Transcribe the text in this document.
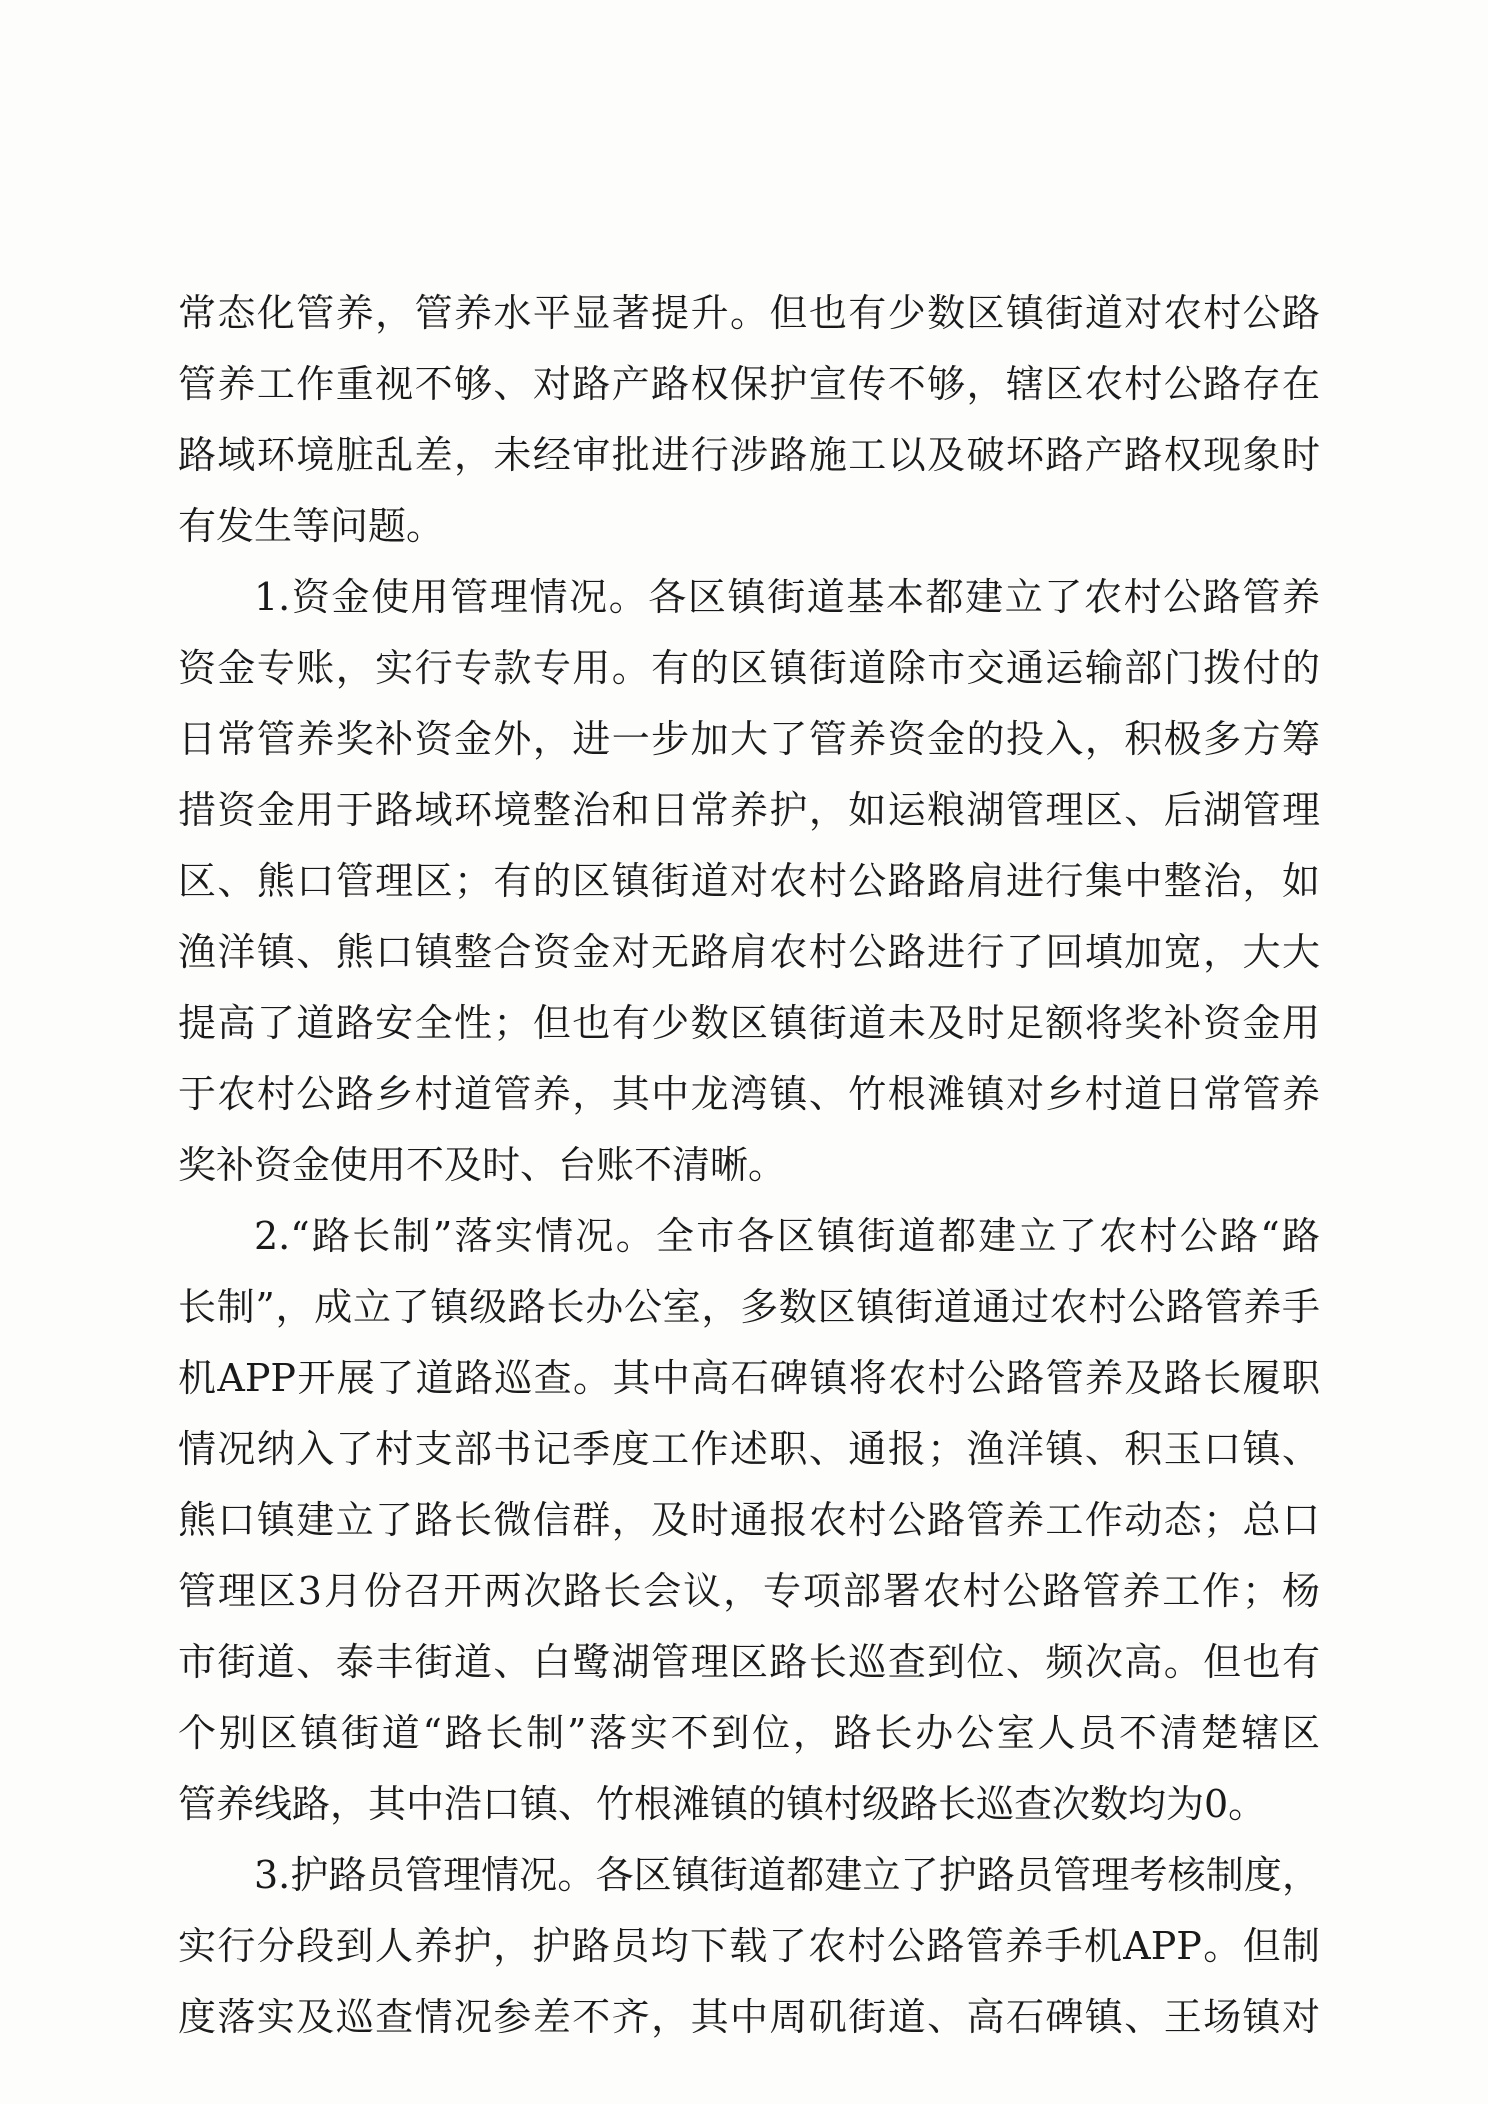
常态化管养，管养水平显著提升。但也有少数区镇街道对农村公路
管养工作重视不够、对路产路权保护宣传不够，辖区农村公路存在
路域环境脏乱差，未经审批进行涉路施工以及破坏路产路权现象时
有发生等问题。
1.资金使用管理情况。各区镇街道基本都建立了农村公路管养
资金专账，实行专款专用。有的区镇街道除市交通运输部门拨付的
日常管养奖补资金外，进一步加大了管养资金的投入，积极多方筹
措资金用于路域环境整治和日常养护，如运粮湖管理区、后湖管理
区、熊口管理区；有的区镇街道对农村公路路肩进行集中整治，如
渔洋镇、熊口镇整合资金对无路肩农村公路进行了回填加宽，大大
提高了道路安全性；但也有少数区镇街道未及时足额将奖补资金用
于农村公路乡村道管养，其中龙湾镇、竹根滩镇对乡村道日常管养
奖补资金使用不及时、台账不清晰。
2.“路长制”落实情况。全市各区镇街道都建立了农村公路“路
长制”，成立了镇级路长办公室，多数区镇街道通过农村公路管养手
机APP开展了道路巡查。其中高石碑镇将农村公路管养及路长履职
情况纳入了村支部书记季度工作述职、通报；渔洋镇、积玉口镇、
熊口镇建立了路长微信群，及时通报农村公路管养工作动态；总口
管理区3月份召开两次路长会议，专项部署农村公路管养工作；杨
市街道、泰丰街道、白鹭湖管理区路长巡查到位、频次高。但也有
个别区镇街道“路长制”落实不到位，路长办公室人员不清楚辖区
管养线路，其中浩口镇、竹根滩镇的镇村级路长巡查次数均为0。
3.护路员管理情况。各区镇街道都建立了护路员管理考核制度，
实行分段到人养护，护路员均下载了农村公路管养手机APP。但制
度落实及巡查情况参差不齐，其中周矶街道、高石碑镇、王场镇对
